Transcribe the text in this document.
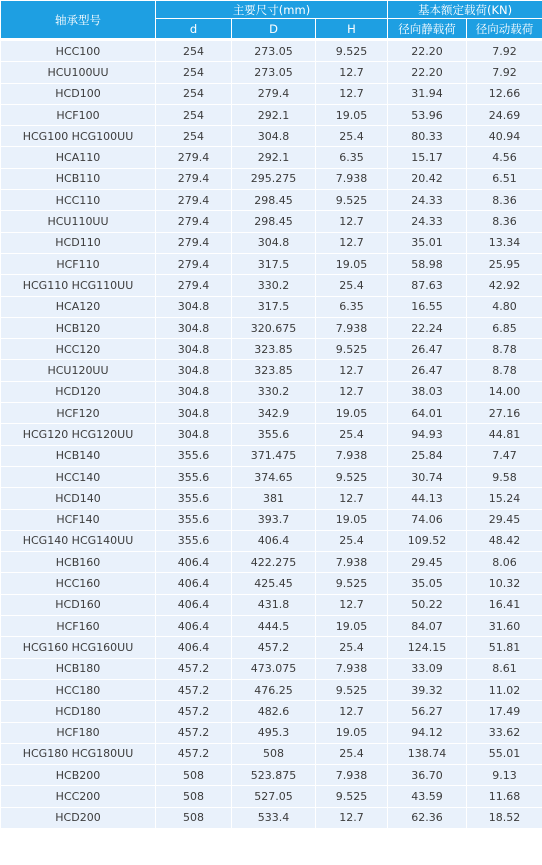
轴承型号	主要尺寸(mm)			基本额定载荷(KN)	
	d	D	H	径向静载荷	径向动载荷

HCC100	254	273.05	9.525	22.20	7.92
HCU100UU	254	273.05	12.7	22.20	7.92
HCD100	254	279.4	12.7	31.94	12.66
HCF100	254	292.1	19.05	53.96	24.69
HCG100 HCG100UU	254	304.8	25.4	80.33	40.94
HCA110	279.4	292.1	6.35	15.17	4.56
HCB110	279.4	295.275	7.938	20.42	6.51
HCC110	279.4	298.45	9.525	24.33	8.36
HCU110UU	279.4	298.45	12.7	24.33	8.36
HCD110	279.4	304.8	12.7	35.01	13.34
HCF110	279.4	317.5	19.05	58.98	25.95
HCG110 HCG110UU	279.4	330.2	25.4	87.63	42.92
HCA120	304.8	317.5	6.35	16.55	4.80
HCB120	304.8	320.675	7.938	22.24	6.85
HCC120	304.8	323.85	9.525	26.47	8.78
HCU120UU	304.8	323.85	12.7	26.47	8.78
HCD120	304.8	330.2	12.7	38.03	14.00
HCF120	304.8	342.9	19.05	64.01	27.16
HCG120 HCG120UU	304.8	355.6	25.4	94.93	44.81
HCB140	355.6	371.475	7.938	25.84	7.47
HCC140	355.6	374.65	9.525	30.74	9.58
HCD140	355.6	381	12.7	44.13	15.24
HCF140	355.6	393.7	19.05	74.06	29.45
HCG140 HCG140UU	355.6	406.4	25.4	109.52	48.42
HCB160	406.4	422.275	7.938	29.45	8.06
HCC160	406.4	425.45	9.525	35.05	10.32
HCD160	406.4	431.8	12.7	50.22	16.41
HCF160	406.4	444.5	19.05	84.07	31.60
HCG160 HCG160UU	406.4	457.2	25.4	124.15	51.81
HCB180	457.2	473.075	7.938	33.09	8.61
HCC180	457.2	476.25	9.525	39.32	11.02
HCD180	457.2	482.6	12.7	56.27	17.49
HCF180	457.2	495.3	19.05	94.12	33.62
HCG180 HCG180UU	457.2	508	25.4	138.74	55.01
HCB200	508	523.875	7.938	36.70	9.13
HCC200	508	527.05	9.525	43.59	11.68
HCD200	508	533.4	12.7	62.36	18.52
